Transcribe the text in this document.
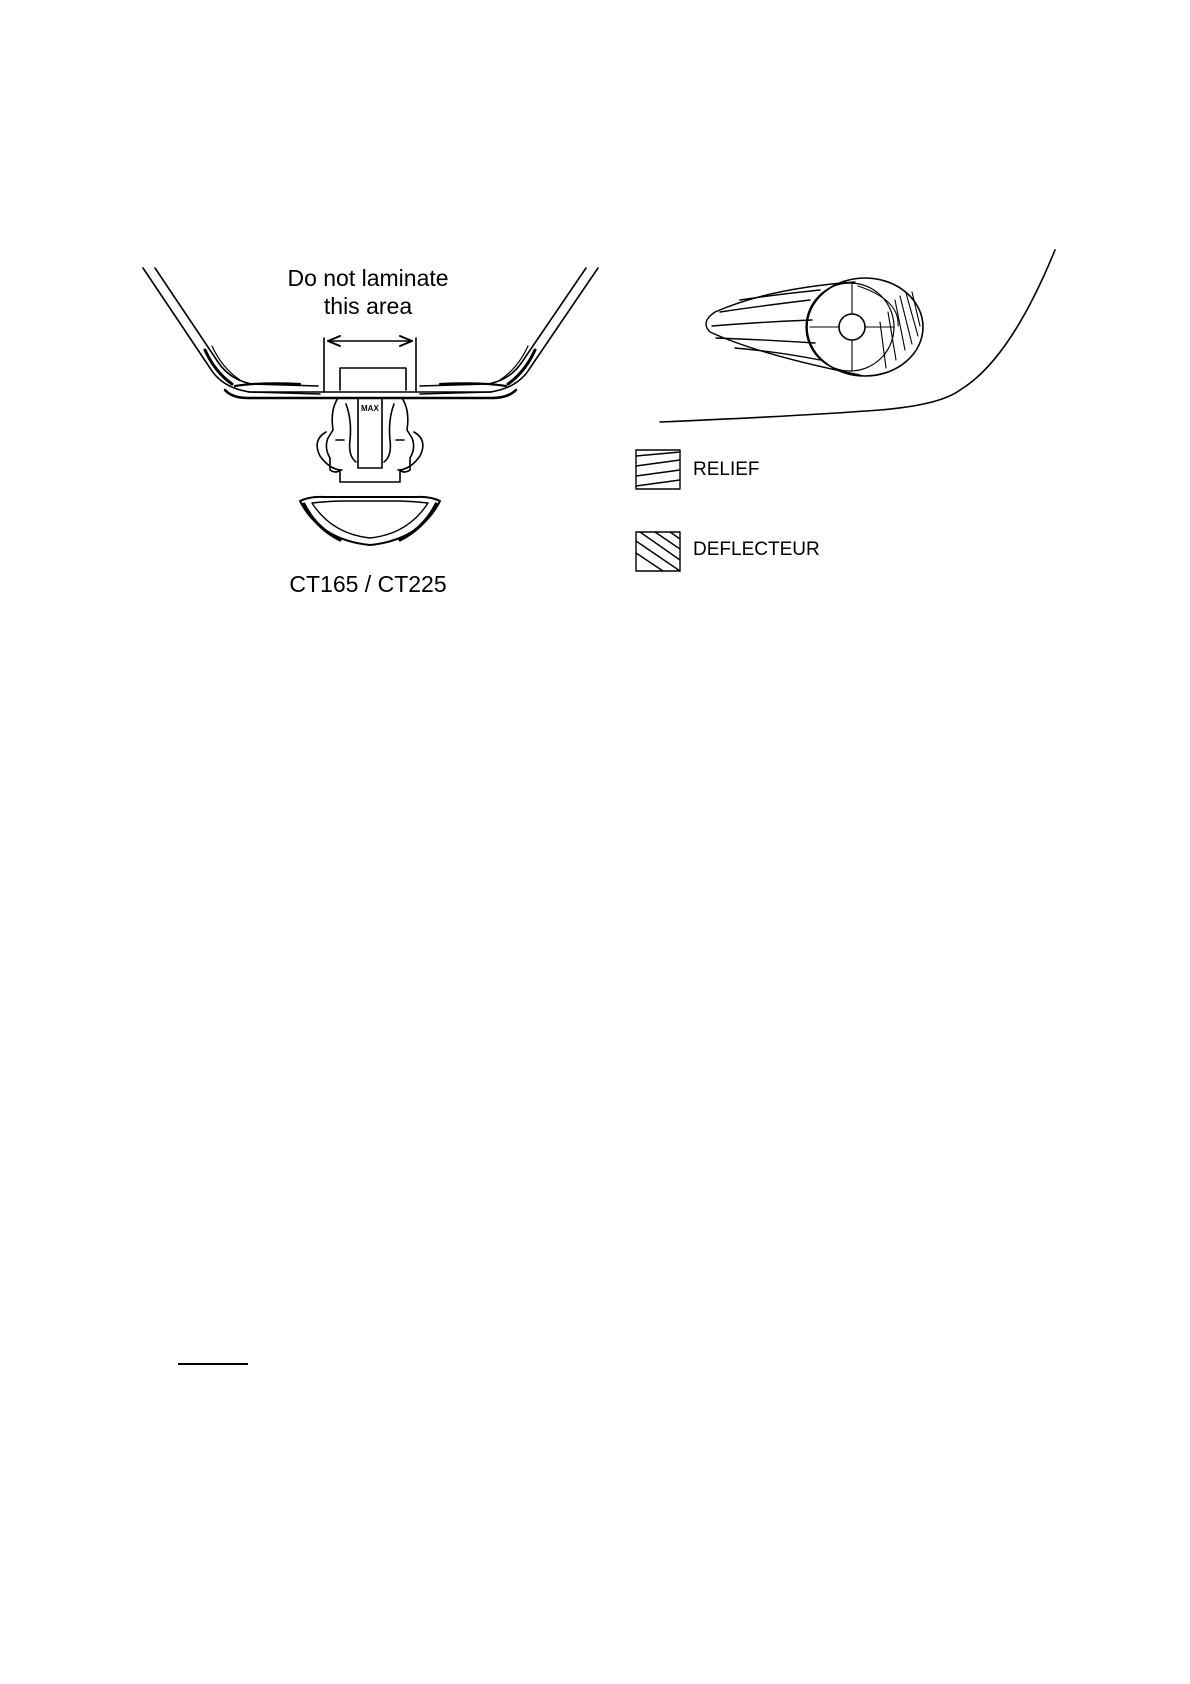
Do not laminate
this area
MAX
CT165 / CT225
RELIEF
DEFLECTEUR
